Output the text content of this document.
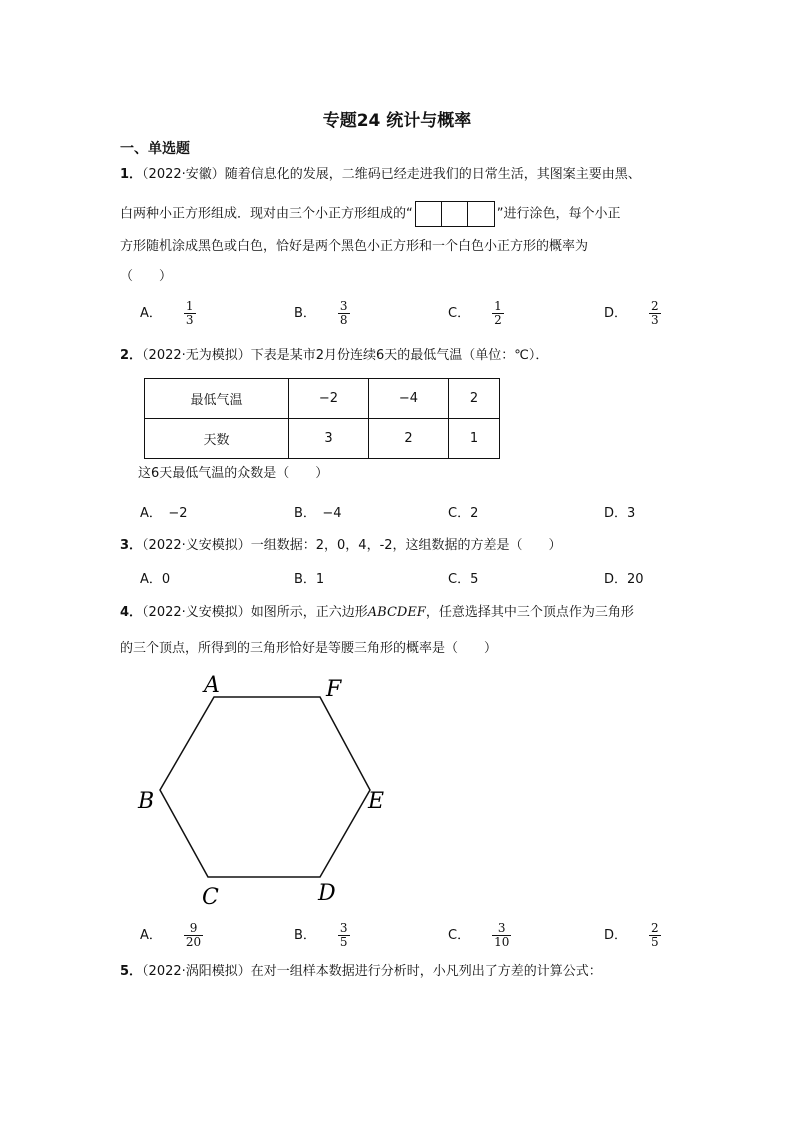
专题24 统计与概率
一、单选题
1．（2022·安徽）随着信息化的发展，二维码已经走进我们的日常生活，其图案主要由黑、
白两种小正方形组成．现对由三个小正方形组成的“	”进行涂色，每个小正
方形随机涂成黑色或白色，恰好是两个黑色小正方形和一个白色小正方形的概率为
（　　）
A． $\frac{1}{3}$	B． $\frac{3}{8}$	C． $\frac{1}{2}$	D． $\frac{2}{3}$
2．（2022·无为模拟）下表是某市2月份连续6天的最低气温（单位：℃）．
最低气温	−2	−4	2
天数	3	2	1
这6天最低气温的众数是（　　）
A．　−2	B．　−4	C．2	D．3
3．（2022·义安模拟）一组数据：2，0，4，-2，这组数据的方差是（　　）
A．0	B．1	C．5	D．20
4．（2022·义安模拟）如图所示，正六边形ABCDEF，任意选择其中三个顶点作为三角形
的三个顶点，所得到的三角形恰好是等腰三角形的概率是（　　）
A	F
B	E
C	D
A． $\frac{9}{20}$	B． $\frac{3}{5}$	C． $\frac{3}{10}$	D． $\frac{2}{5}$
5．（2022·涡阳模拟）在对一组样本数据进行分析时，小凡列出了方差的计算公式：
